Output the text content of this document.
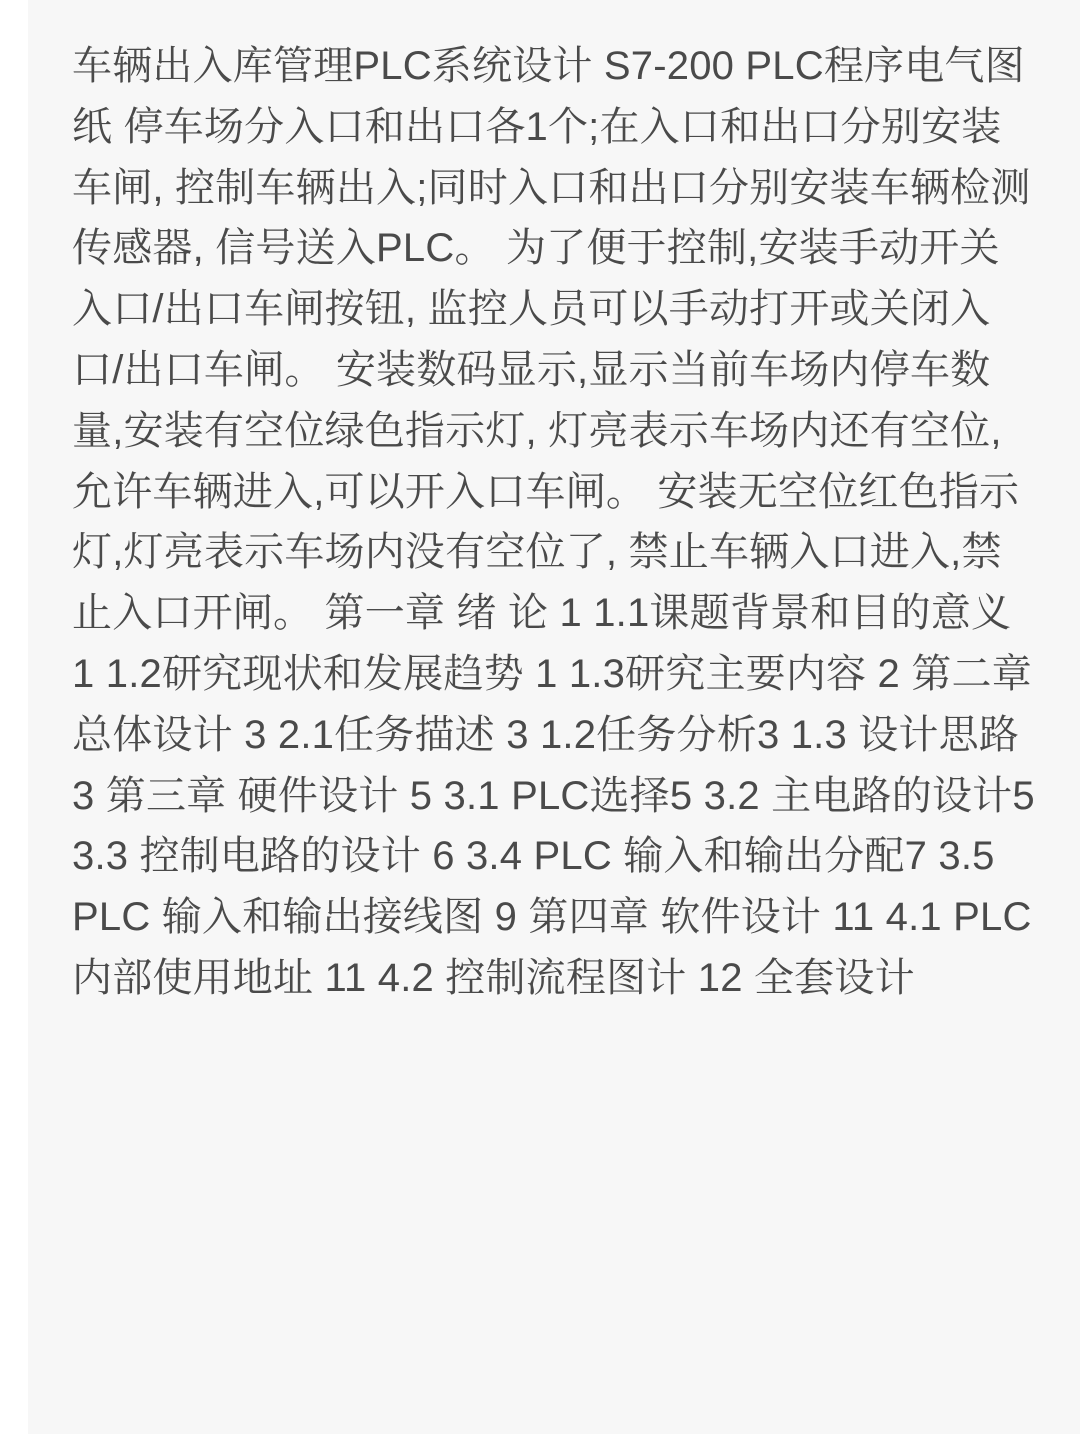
车辆出入库管理PLC系统设计 S7-200 PLC程序电气图纸 停车场分入口和出口各1个;在入口和出口分别安装车闸, 控制车辆出入;同时入口和出口分别安装车辆检测传感器, 信号送入PLC。 为了便于控制,安装手动开关入口/出口车闸按钮, 监控人员可以手动打开或关闭入口/出口车闸。 安装数码显示,显示当前车场内停车数量,安装有空位绿色指示灯, 灯亮表示车场内还有空位,允许车辆进入,可以开入口车闸。 安装无空位红色指示灯,灯亮表示车场内没有空位了, 禁止车辆入口进入,禁止入口开闸。 第一章 绪 论 1 1.1课题背景和目的意义 1 1.2研究现状和发展趋势 1 1.3研究主要内容 2 第二章 总体设计 3 2.1任务描述 3 1.2任务分析3 1.3 设计思路 3 第三章 硬件设计 5 3.1 PLC选择5 3.2 主电路的设计5 3.3 控制电路的设计 6 3.4 PLC 输入和输出分配7 3.5 PLC 输入和输出接线图 9 第四章 软件设计 11 4.1 PLC内部使用地址 11 4.2 控制流程图计 12 全套设计
